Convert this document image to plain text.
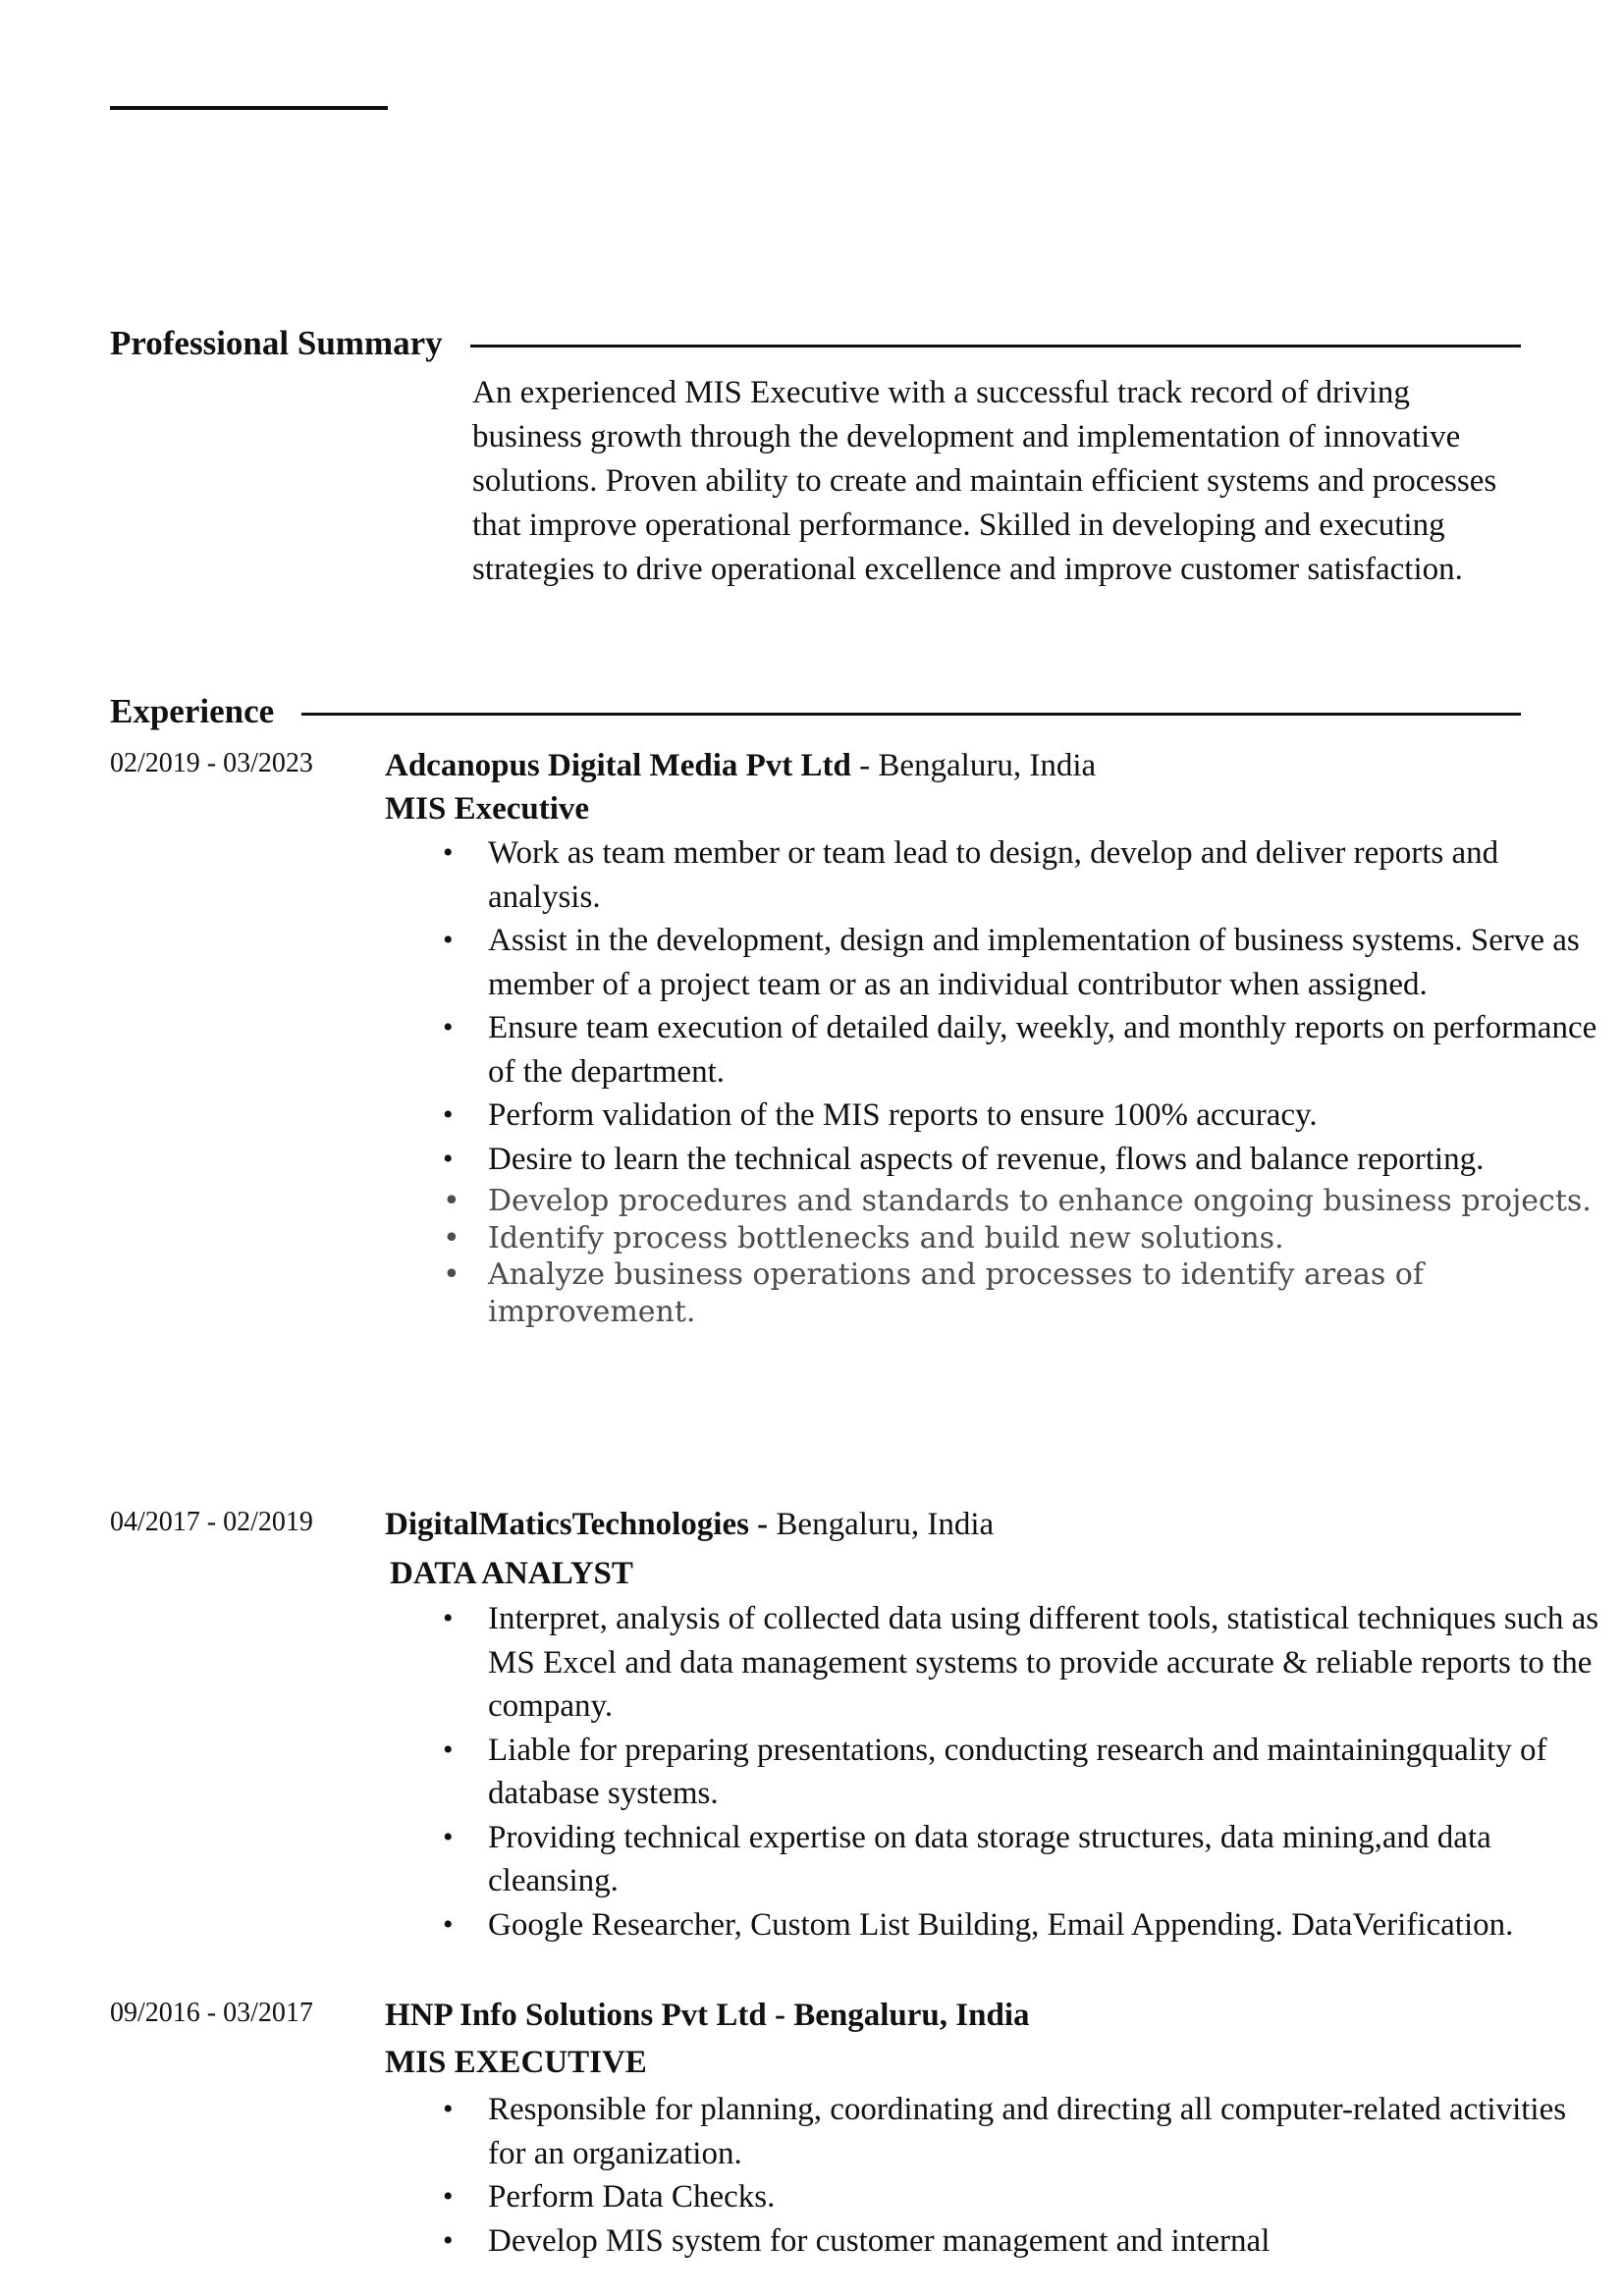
Professional Summary

An experienced MIS Executive with a successful track record of driving business growth through the development and implementation of innovative solutions. Proven ability to create and maintain efficient systems and processes that improve operational performance. Skilled in developing and executing strategies to drive operational excellence and improve customer satisfaction.

Experience
02/2019 - 03/2023 Adcanopus Digital Media Pvt Ltd - Bengaluru, India
MIS Executive
• Work as team member or team lead to design, develop and deliver reports and analysis.
• Assist in the development, design and implementation of business systems. Serve as member of a project team or as an individual contributor when assigned.
• Ensure team execution of detailed daily, weekly, and monthly reports on performance of the department.
• Perform validation of the MIS reports to ensure 100% accuracy.
• Desire to learn the technical aspects of revenue, flows and balance reporting.
• Develop procedures and standards to enhance ongoing business projects.
• Identify process bottlenecks and build new solutions.
• Analyze business operations and processes to identify areas of improvement.
04/2017 - 02/2019 DigitalMaticsTechnologies - Bengaluru, India
DATA ANALYST
• Interpret, analysis of collected data using different tools, statistical techniques such as MS Excel and data management systems to provide accurate & reliable reports to the company.
• Liable for preparing presentations, conducting research and maintainingquality of database systems.
• Providing technical expertise on data storage structures, data mining,and data cleansing.
• Google Researcher, Custom List Building, Email Appending. DataVerification.
09/2016 - 03/2017 HNP Info Solutions Pvt Ltd - Bengaluru, India
MIS EXECUTIVE
• Responsible for planning, coordinating and directing all computer-related activities for an organization.
• Perform Data Checks.
• Develop MIS system for customer management and internal
